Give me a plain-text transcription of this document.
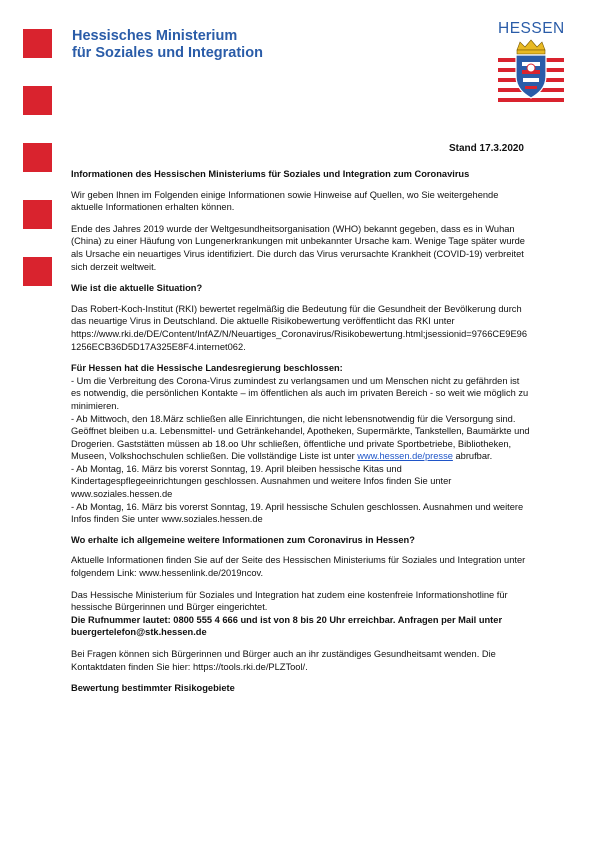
Hessisches Ministerium
für Soziales und Integration
HESSEN
Stand 17.3.2020

Informationen des Hessischen Ministeriums für Soziales und Integration zum Coronavirus

Wir geben Ihnen im Folgenden einige Informationen sowie Hinweise auf Quellen, wo Sie weitergehende aktuelle Informationen erhalten können.

Ende des Jahres 2019 wurde der Weltgesundheitsorganisation (WHO) bekannt gegeben, dass es in Wuhan (China) zu einer Häufung von Lungenerkrankungen mit unbekannter Ursache kam. Wenige Tage später wurde als Ursache ein neuartiges Virus identifiziert. Die durch das Virus verursachte Krankheit (COVID-19) verbreitet sich derzeit weltweit.

Wie ist die aktuelle Situation?

Das Robert-Koch-Institut (RKI) bewertet regelmäßig die Bedeutung für die Gesundheit der Bevölkerung durch das neuartige Virus in Deutschland. Die aktuelle Risikobewertung veröffentlicht das RKI unter
https://www.rki.de/DE/Content/InfAZ/N/Neuartiges_Coronavirus/Risikobewertung.html;jsessionid=9766CE9E961256ECB36D5D17A325E8F4.internet062.

Für Hessen hat die Hessische Landesregierung beschlossen:
- Um die Verbreitung des Corona-Virus zumindest zu verlangsamen und um Menschen nicht zu gefährden ist es notwendig, die persönlichen Kontakte – im öffentlichen als auch im privaten Bereich - so weit wie möglich zu minimieren.
- Ab Mittwoch, den 18.März schließen alle Einrichtungen, die nicht lebensnotwendig für die Versorgung sind. Geöffnet bleiben u.a. Lebensmittel- und Getränkehandel, Apotheken, Supermärkte, Tankstellen, Baumärkte und Drogerien. Gaststätten müssen ab 18.oo Uhr schließen, öffentliche und private Sportbetriebe, Bibliotheken, Museen, Volkshochschulen schließen. Die vollständige Liste ist unter www.hessen.de/presse abrufbar.
- Ab Montag, 16. März bis vorerst Sonntag, 19. April bleiben hessische Kitas und Kindertagespflegeeinrichtungen geschlossen. Ausnahmen und weitere Infos finden Sie unter www.soziales.hessen.de
- Ab Montag, 16. März bis vorerst Sonntag, 19. April hessische Schulen geschlossen. Ausnahmen und weitere Infos finden Sie unter www.soziales.hessen.de

Wo erhalte ich allgemeine weitere Informationen zum Coronavirus in Hessen?

Aktuelle Informationen finden Sie auf der Seite des Hessischen Ministeriums für Soziales und Integration unter folgendem Link: www.hessenlink.de/2019ncov.

Das Hessische Ministerium für Soziales und Integration hat zudem eine kostenfreie Informationshotline für hessische Bürgerinnen und Bürger eingerichtet.
Die Rufnummer lautet: 0800 555 4 666 und ist von 8 bis 20 Uhr erreichbar. Anfragen per Mail unter buergertelefon@stk.hessen.de

Bei Fragen können sich Bürgerinnen und Bürger auch an ihr zuständiges Gesundheitsamt wenden. Die Kontaktdaten finden Sie hier: https://tools.rki.de/PLZTool/.

Bewertung bestimmter Risikogebiete
